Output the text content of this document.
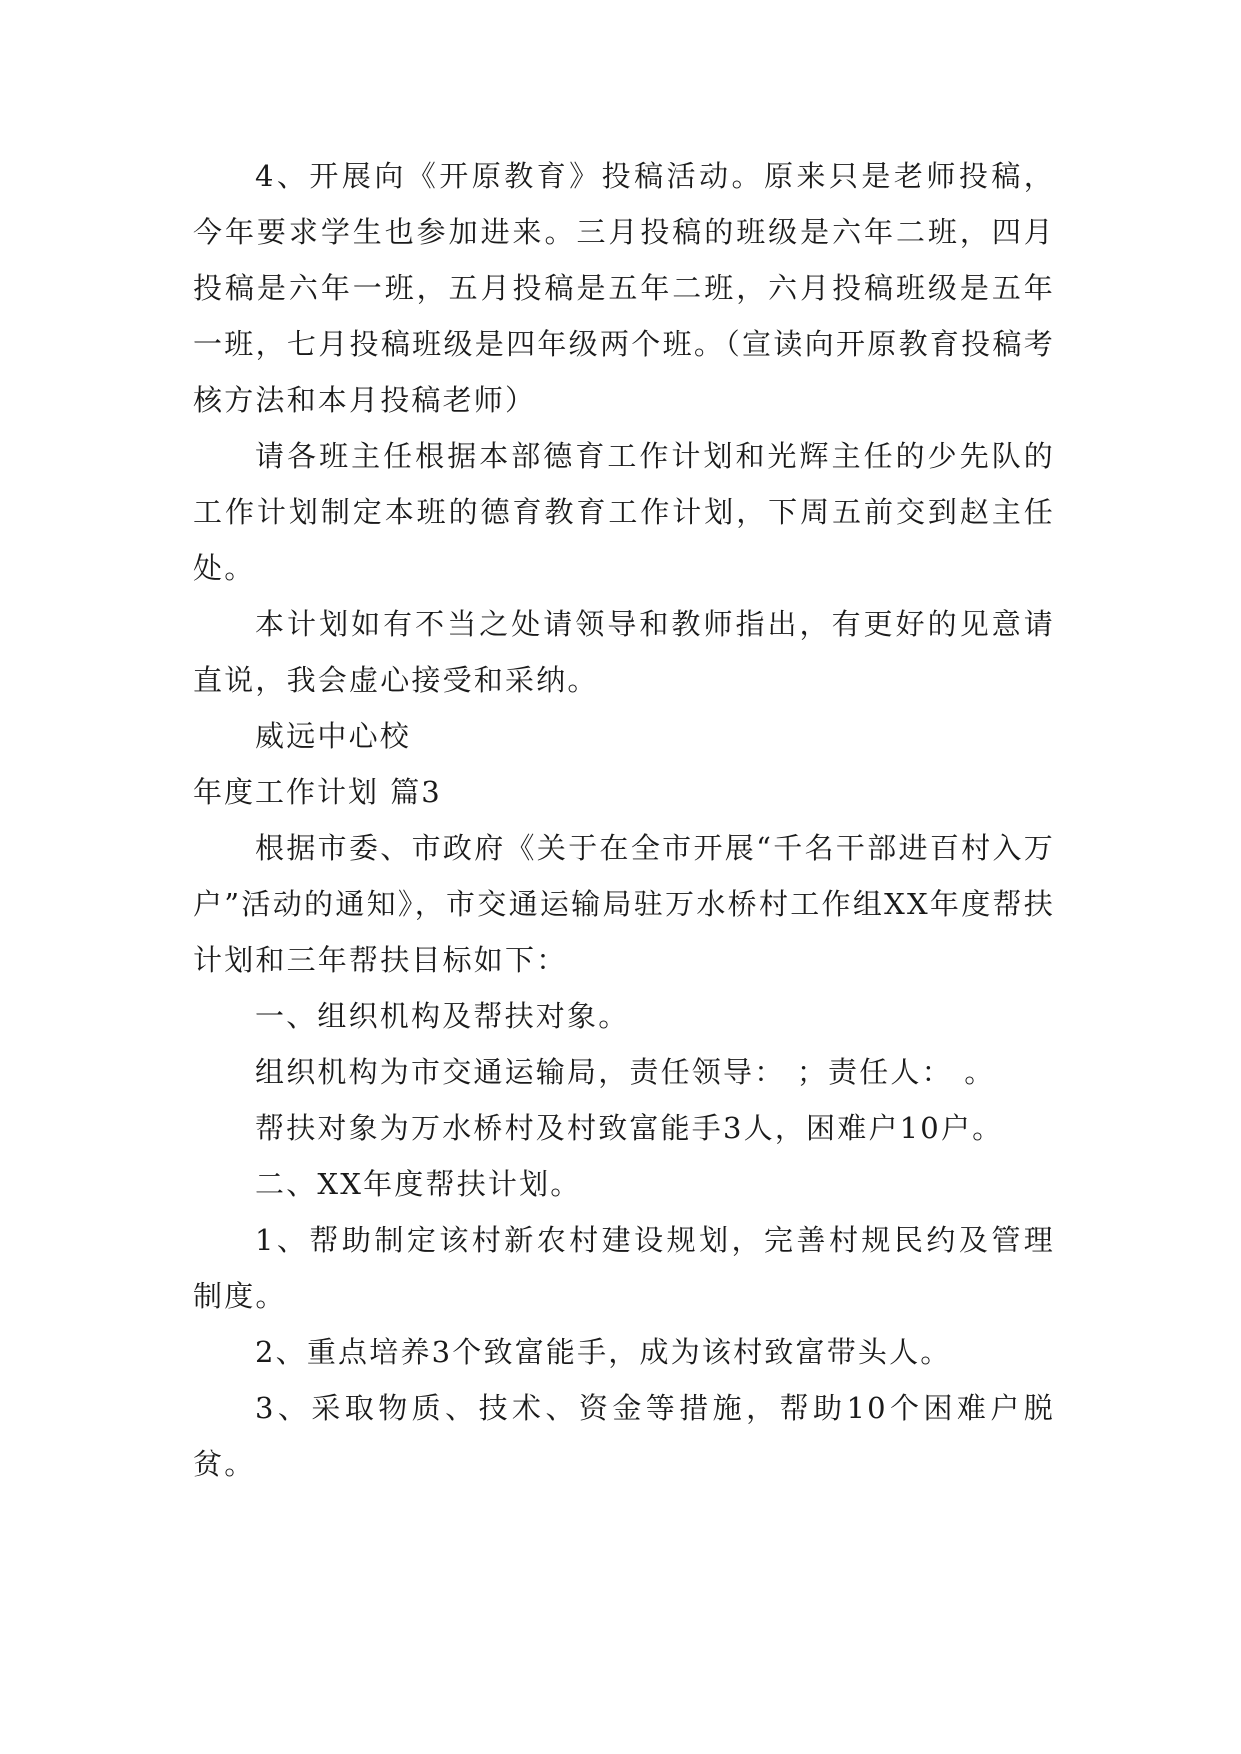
4、开展向《开原教育》投稿活动。原来只是老师投稿，今年要求学生也参加进来。三月投稿的班级是六年二班，四月投稿是六年一班，五月投稿是五年二班，六月投稿班级是五年一班，七月投稿班级是四年级两个班。（宣读向开原教育投稿考核方法和本月投稿老师）

请各班主任根据本部德育工作计划和光辉主任的少先队的工作计划制定本班的德育教育工作计划，下周五前交到赵主任处。

本计划如有不当之处请领导和教师指出，有更好的见意请直说，我会虚心接受和采纳。

威远中心校

年度工作计划 篇3

根据市委、市政府《关于在全市开展“千名干部进百村入万户”活动的通知》，市交通运输局驻万水桥村工作组XX年度帮扶计划和三年帮扶目标如下：

一、组织机构及帮扶对象。

组织机构为市交通运输局，责任领导： ；责任人： 。

帮扶对象为万水桥村及村致富能手3人，困难户10户。

二、XX年度帮扶计划。

1、帮助制定该村新农村建设规划，完善村规民约及管理制度。

2、重点培养3个致富能手，成为该村致富带头人。

3、采取物质、技术、资金等措施，帮助10个困难户脱贫。
